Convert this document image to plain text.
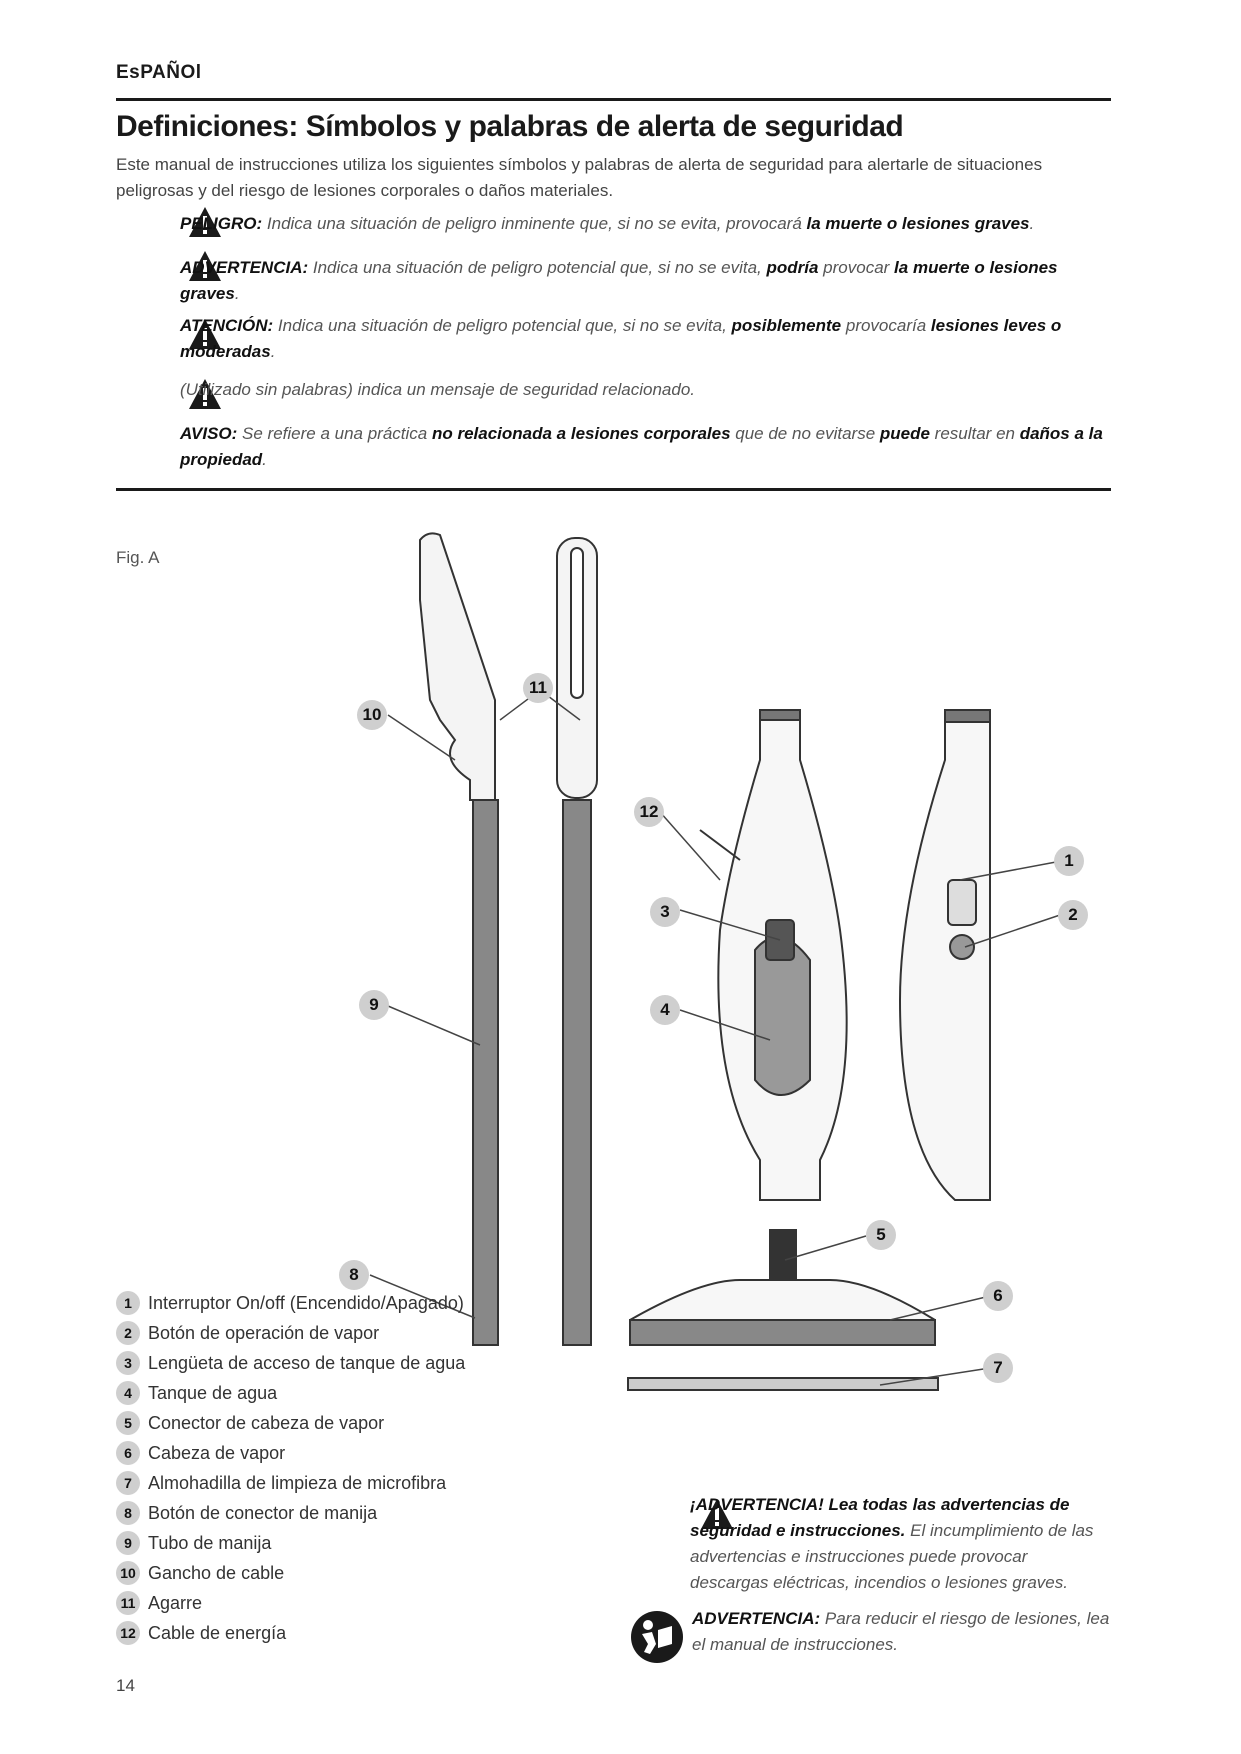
EsPAÑOl
Definiciones: Símbolos y palabras de alerta de seguridad
Este manual de instrucciones utiliza los siguientes símbolos y palabras de alerta de seguridad para alertarle de situaciones peligrosas y del riesgo de lesiones corporales o daños materiales.
PELIGRO: Indica una situación de peligro inminente que, si no se evita, provocará la muerte o lesiones graves.
ADVERTENCIA: Indica una situación de peligro potencial que, si no se evita, podría provocar la muerte o lesiones graves.
ATENCIÓN: Indica una situación de peligro potencial que, si no se evita, posiblemente provocaría lesiones leves o moderadas.
(Utilizado sin palabras) indica un mensaje de seguridad relacionado.
AVISO: Se refiere a una práctica no relacionada a lesiones corporales que de no evitarse puede resultar en daños a la propiedad.
Fig. A
1
2
3
4
5
6
7
8
9
10
11
12
1 Interruptor On/off (Encendido/Apagado)
2 Botón de operación de vapor
3 Lengüeta de acceso de tanque de agua
4 Tanque de agua
5 Conector de cabeza de vapor
6 Cabeza de vapor
7 Almohadilla de limpieza de microfibra
8 Botón de conector de manija
9 Tubo de manija
10 Gancho de cable
11 Agarre
12 Cable de energía
¡ADVERTENCIA! Lea todas las advertencias de seguridad e instrucciones. El incumplimiento de las advertencias e instrucciones puede provocar descargas eléctricas, incendios o lesiones graves.
ADVERTENCIA: Para reducir el riesgo de lesiones, lea el manual de instrucciones.
14
